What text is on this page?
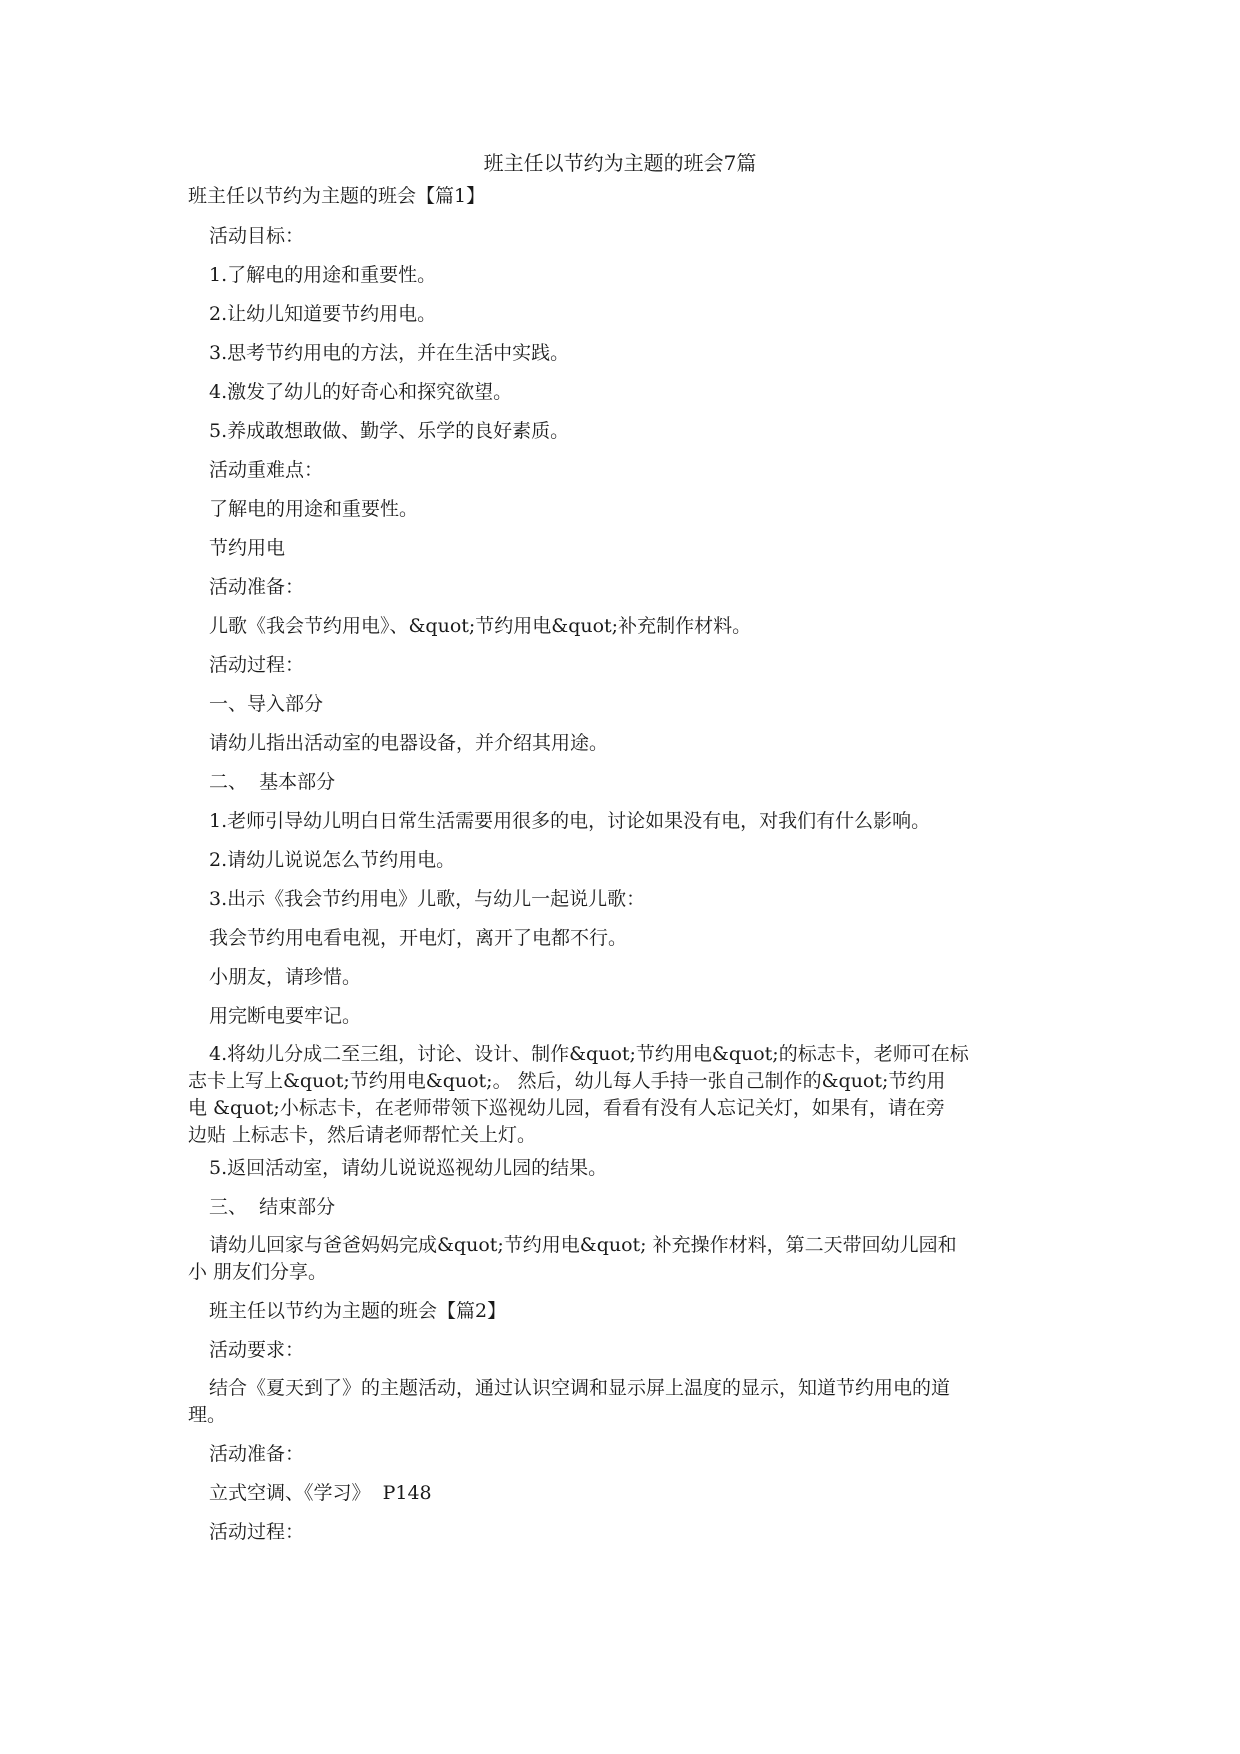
班主任以节约为主题的班会7篇
班主任以节约为主题的班会【篇1】
活动目标：
1.了解电的用途和重要性。
2.让幼儿知道要节约用电。
3.思考节约用电的方法，并在生活中实践。
4.激发了幼儿的好奇心和探究欲望。
5.养成敢想敢做、勤学、乐学的良好素质。
活动重难点：
了解电的用途和重要性。
节约用电
活动准备：
儿歌《我会节约用电》、&quot;节约用电&quot;补充制作材料。
活动过程：
一、导入部分
请幼儿指出活动室的电器设备，并介绍其用途。
二、  基本部分
1.老师引导幼儿明白日常生活需要用很多的电，讨论如果没有电，对我们有什么影响。
2.请幼儿说说怎么节约用电。
3.出示《我会节约用电》儿歌，与幼儿一起说儿歌：
我会节约用电看电视，开电灯，离开了电都不行。
小朋友，请珍惜。
用完断电要牢记。
4.将幼儿分成二至三组，讨论、设计、制作&quot;节约用电&quot;的标志卡，老师可在标
志卡上写上&quot;节约用电&quot;。 然后，幼儿每人手持一张自己制作的&quot;节约用
电 &quot;小标志卡，在老师带领下巡视幼儿园，看看有没有人忘记关灯，如果有，请在旁
边贴 上标志卡，然后请老师帮忙关上灯。
5.返回活动室，请幼儿说说巡视幼儿园的结果。
三、  结束部分
请幼儿回家与爸爸妈妈完成&quot;节约用电&quot; 补充操作材料，第二天带回幼儿园和
小 朋友们分享。
班主任以节约为主题的班会【篇2】
活动要求：
结合《夏天到了》的主题活动，通过认识空调和显示屏上温度的显示，知道节约用电的道
理。
活动准备：
立式空调、《学习》  P148
活动过程：
